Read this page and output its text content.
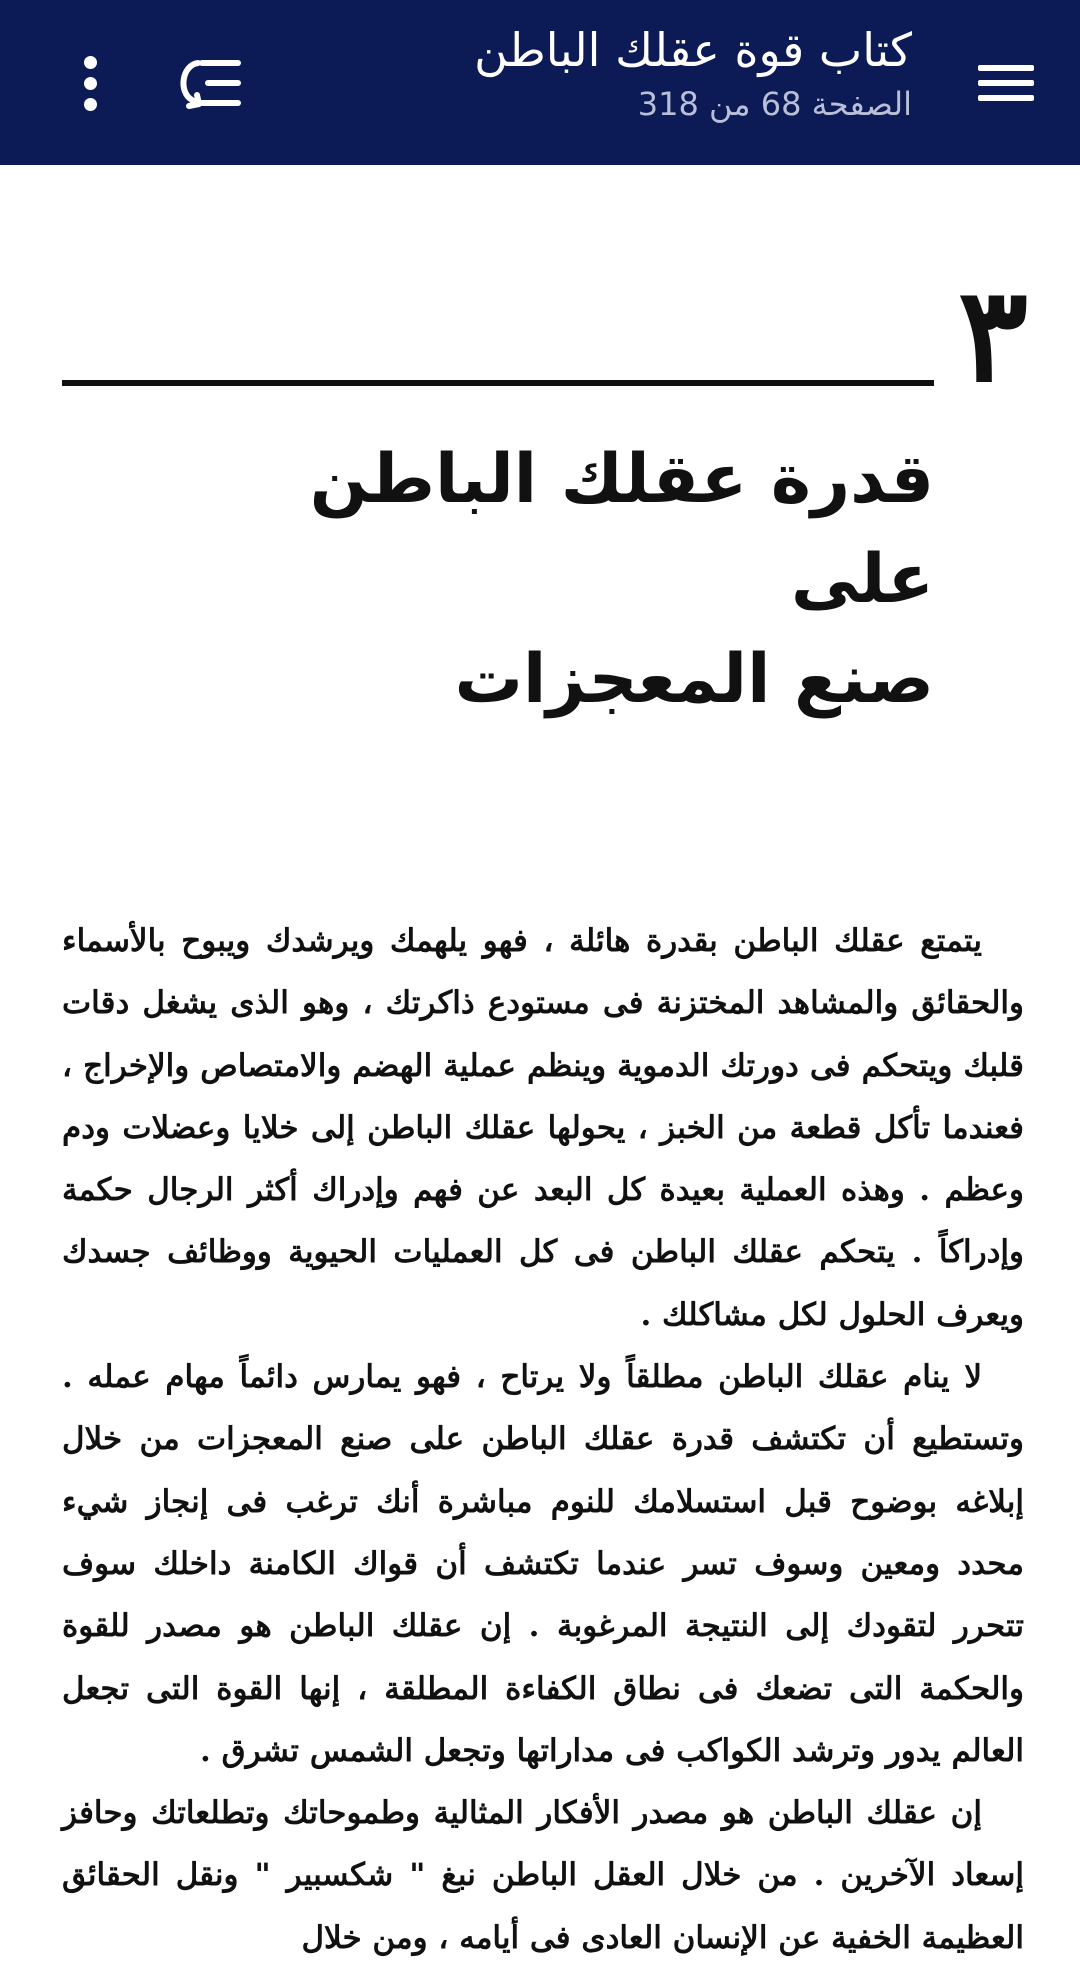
كتاب قوة عقلك الباطن
الصفحة 68 من 318
٣
قدرة عقلك الباطن على
صنع المعجزات

يتمتع عقلك الباطن بقدرة هائلة ، فهو يلهمك ويرشدك ويبوح بالأسماء والحقائق والمشاهد المختزنة فى مستودع ذاكرتك ، وهو الذى يشغل دقات قلبك ويتحكم فى دورتك الدموية وينظم عملية الهضم والامتصاص والإخراج ، فعندما تأكل قطعة من الخبز ، يحولها عقلك الباطن إلى خلايا وعضلات ودم وعظم . وهذه العملية بعيدة كل البعد عن فهم وإدراك أكثر الرجال حكمة وإدراكاً . يتحكم عقلك الباطن فى كل العمليات الحيوية ووظائف جسدك ويعرف الحلول لكل مشاكلك .

لا ينام عقلك الباطن مطلقاً ولا يرتاح ، فهو يمارس دائماً مهام عمله . وتستطيع أن تكتشف قدرة عقلك الباطن على صنع المعجزات من خلال إبلاغه بوضوح قبل استسلامك للنوم مباشرة أنك ترغب فى إنجاز شيء محدد ومعين وسوف تسر عندما تكتشف أن قواك الكامنة داخلك سوف تتحرر لتقودك إلى النتيجة المرغوبة . إن عقلك الباطن هو مصدر للقوة والحكمة التى تضعك فى نطاق الكفاءة المطلقة ، إنها القوة التى تجعل العالم يدور وترشد الكواكب فى مداراتها وتجعل الشمس تشرق .

إن عقلك الباطن هو مصدر الأفكار المثالية وطموحاتك وتطلعاتك وحافز إسعاد الآخرين . من خلال العقل الباطن نبغ " شكسبير " ونقل الحقائق العظيمة الخفية عن الإنسان العادى فى أيامه ، ومن خلال
